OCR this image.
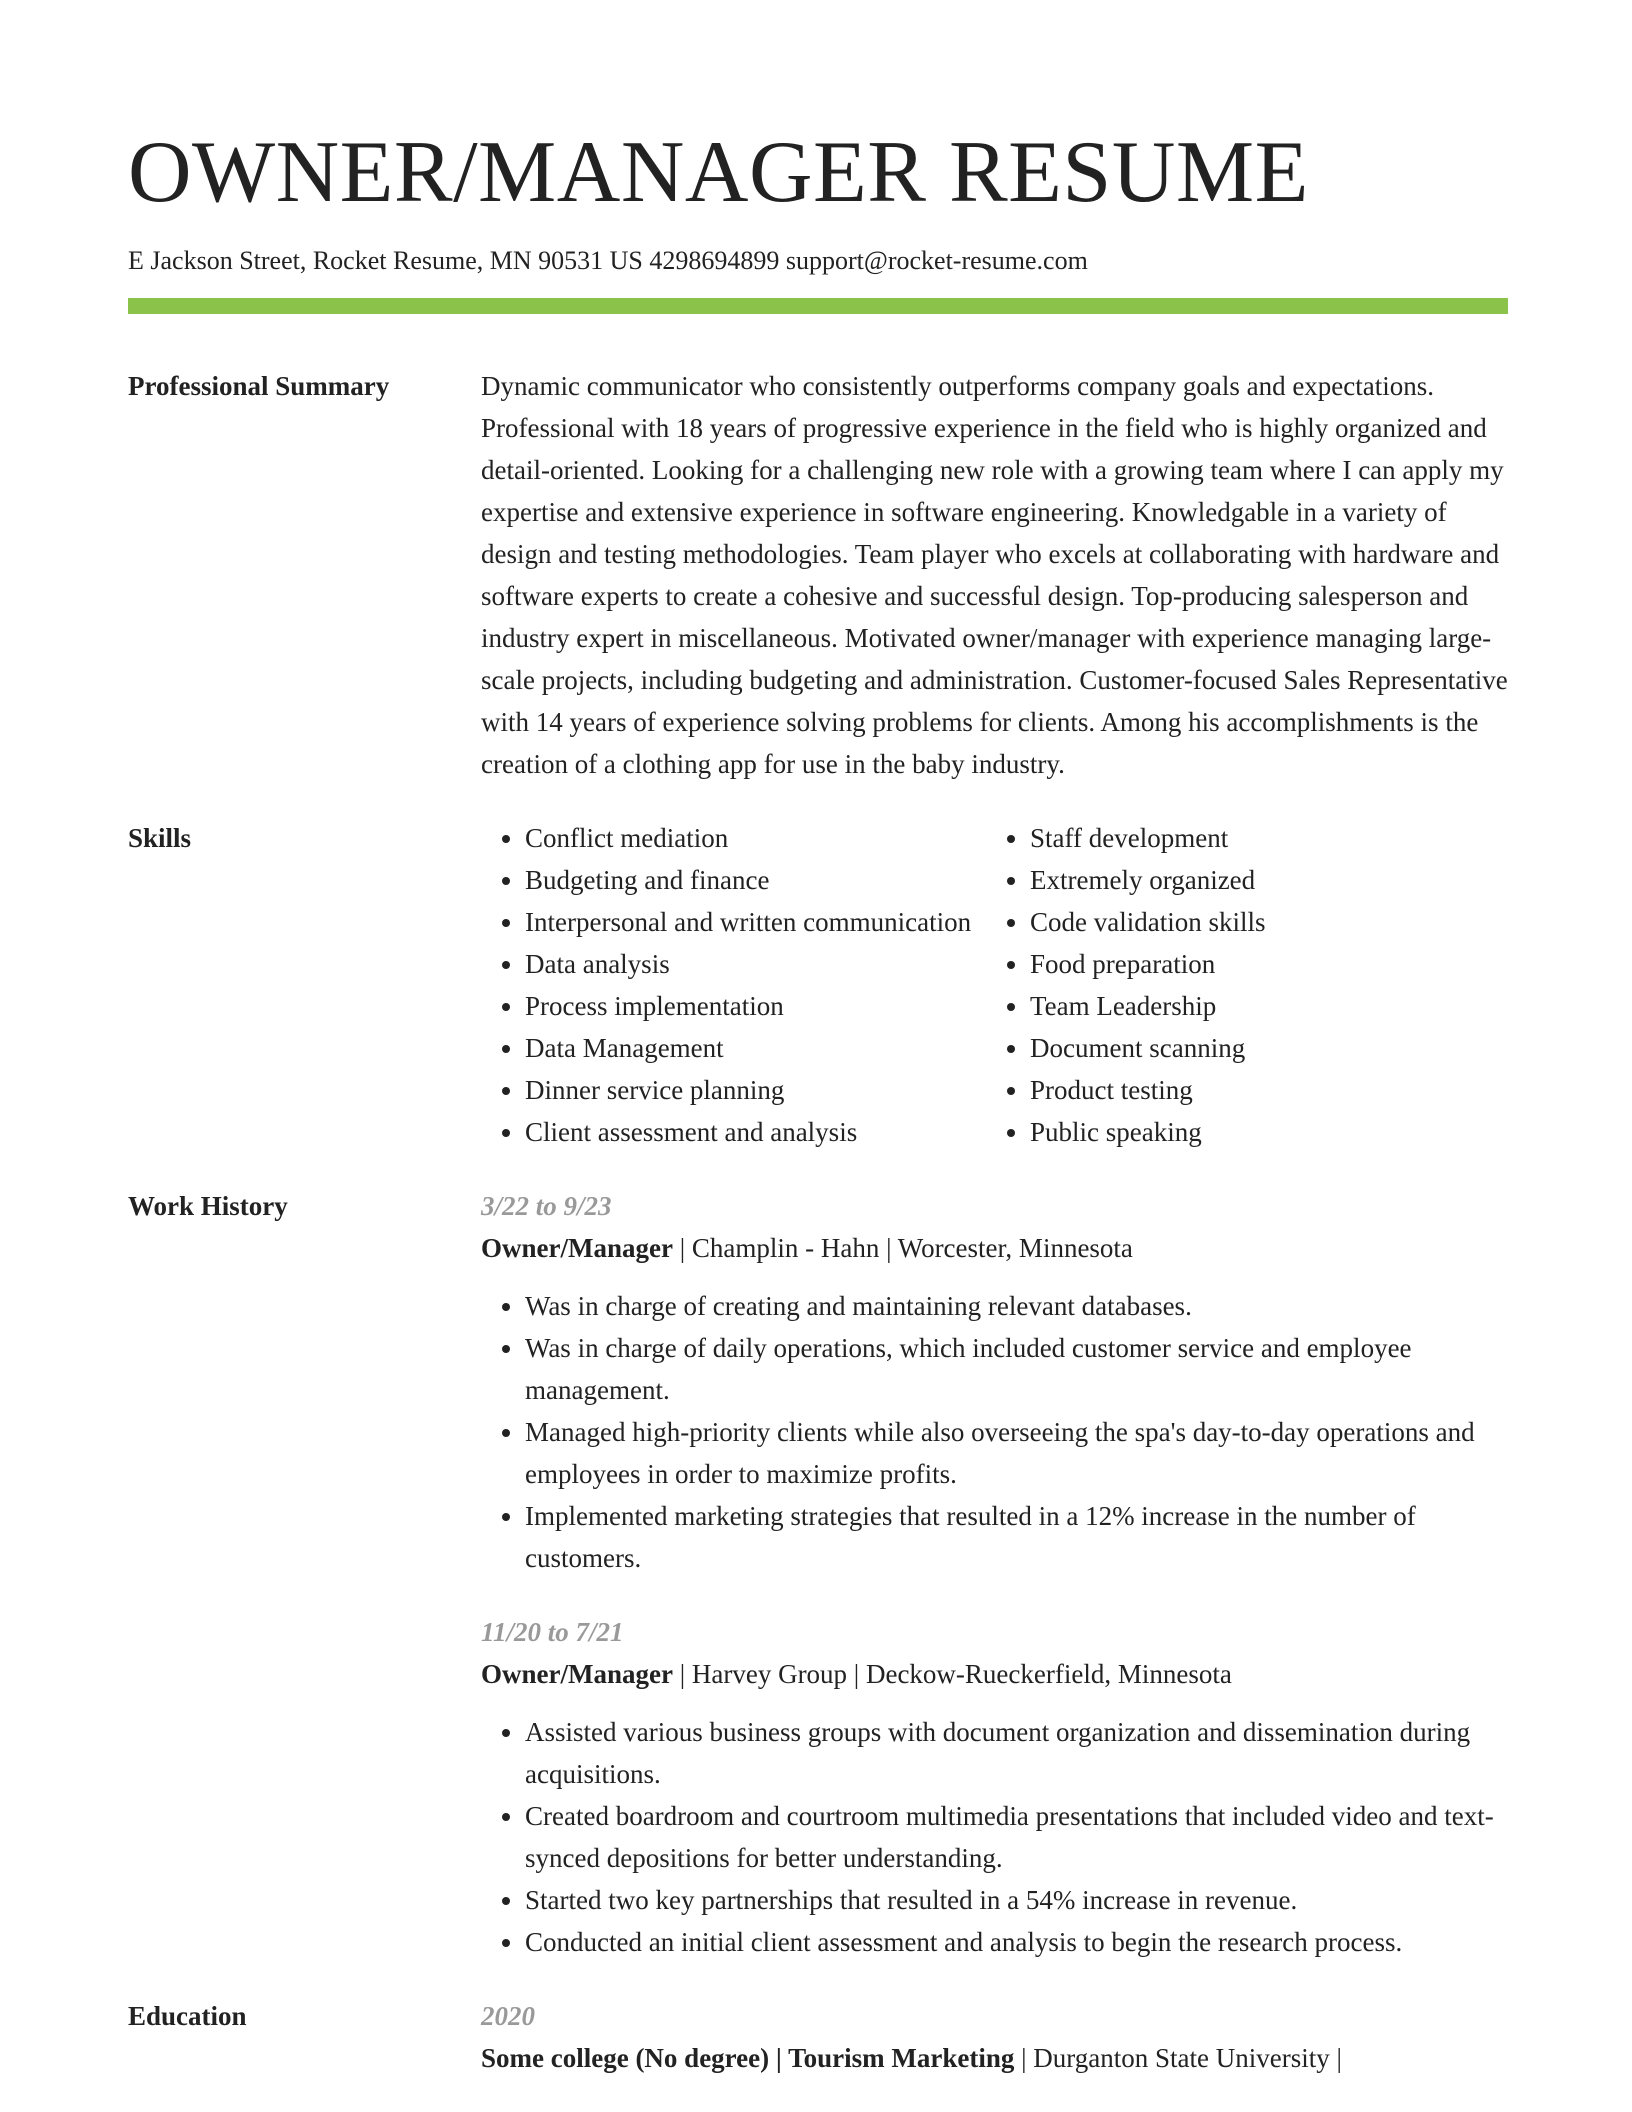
OWNER/MANAGER RESUME
E Jackson Street, Rocket Resume, MN 90531 US 4298694899 support@rocket-resume.com
Professional Summary	Dynamic communicator who consistently outperforms company goals and expectations. Professional with 18 years of progressive experience in the field who is highly organized and detail-oriented. Looking for a challenging new role with a growing team where I can apply my expertise and extensive experience in software engineering. Knowledgable in a variety of design and testing methodologies. Team player who excels at collaborating with hardware and software experts to create a cohesive and successful design. Top-producing salesperson and industry expert in miscellaneous. Motivated owner/manager with experience managing large-scale projects, including budgeting and administration. Customer-focused Sales Representative with 14 years of experience solving problems for clients. Among his accomplishments is the creation of a clothing app for use in the baby industry.

Skills
•	Conflict mediation
• Budgeting and finance
• Interpersonal and written communication
• Data analysis
• Process implementation
• Data Management
• Dinner service planning
• Client assessment and analysis
• Staff development
• Extremely organized
• Code validation skills
• Food preparation
• Team Leadership
• Document scanning
• Product testing
• Public speaking
Work History	3/22 to 9/23
Owner/Manager | Champlin - Hahn | Worcester, Minnesota
• Was in charge of creating and maintaining relevant databases.
• Was in charge of daily operations, which included customer service and employee management.
• Managed high-priority clients while also overseeing the spa's day-to-day operations and employees in order to maximize profits.
• Implemented marketing strategies that resulted in a 12% increase in the number of customers.
11/20 to 7/21
Owner/Manager | Harvey Group | Deckow-Rueckerfield, Minnesota
• Assisted various business groups with document organization and dissemination during acquisitions.
• Created boardroom and courtroom multimedia presentations that included video and text-synced depositions for better understanding.
• Started two key partnerships that resulted in a 54% increase in revenue.
• Conducted an initial client assessment and analysis to begin the research process.
Education	2020
Some college (No degree) | Tourism Marketing | Durganton State University |
